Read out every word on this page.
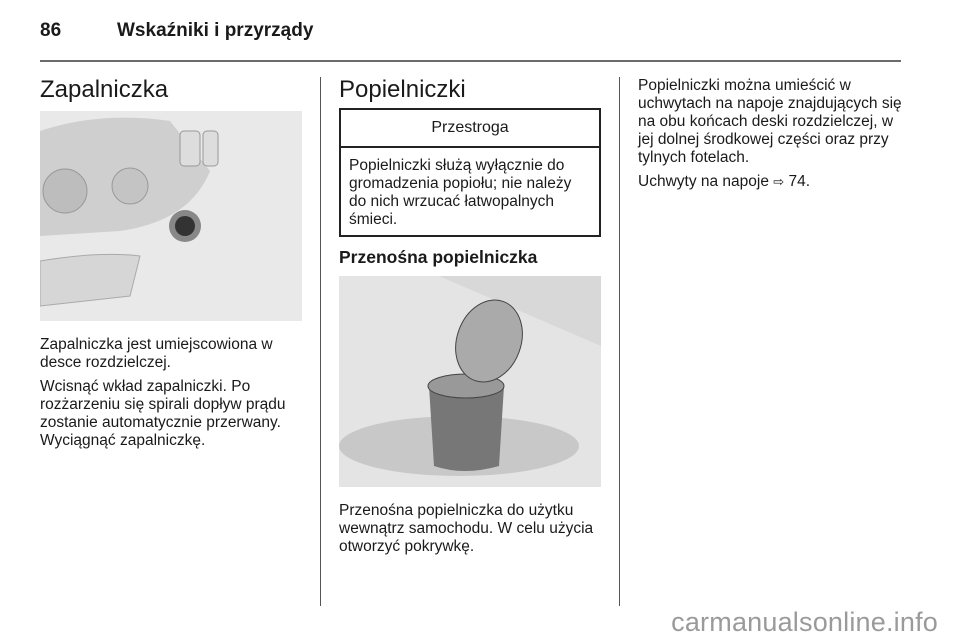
86	Wskaźniki i przyrządy
Zapalniczka

Zapalniczka jest umiejscowiona w desce rozdzielczej.

Wcisnąć wkład zapalniczki. Po rozżarzeniu się spirali dopływ prądu zostanie automatycznie przerwany. Wyciągnąć zapalniczkę.

Popielniczki
Przestroga
Popielniczki służą wyłącznie do gromadzenia popiołu; nie należy do nich wrzucać łatwopalnych śmieci.
Przenośna popielniczka

Przenośna popielniczka do użytku wewnątrz samochodu. W celu użycia otworzyć pokrywkę.

Popielniczki można umieścić w uchwytach na napoje znajdujących się na obu końcach deski rozdzielczej, w jej dolnej środkowej części oraz przy tylnych fotelach.

Uchwyty na napoje ⇨ 74.

carmanualsonline.info
